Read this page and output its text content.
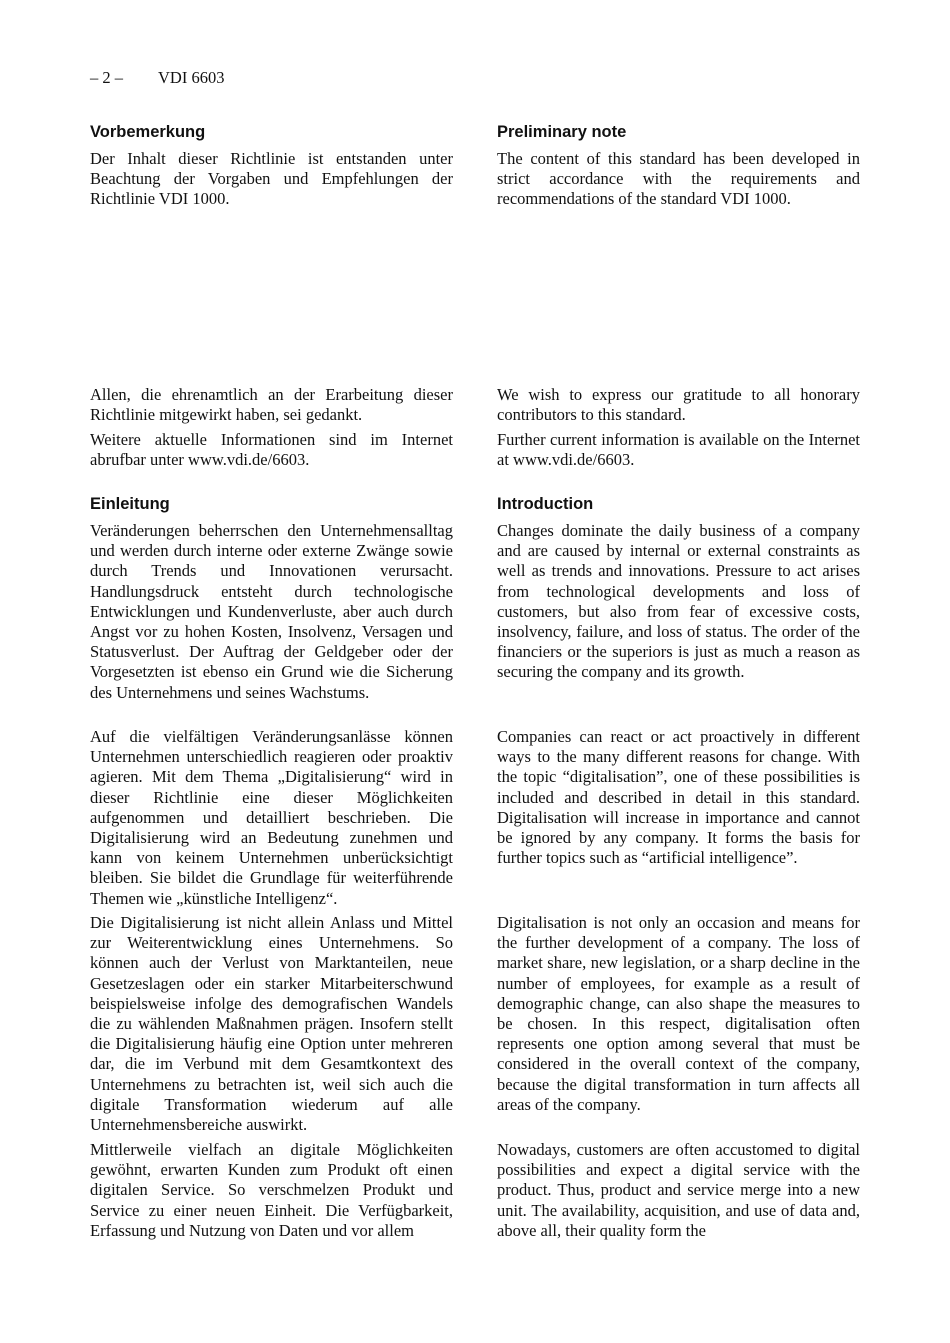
– 2 – VDI 6603
Vorbemerkung

Der Inhalt dieser Richtlinie ist entstanden unter Beachtung der Vorgaben und Empfehlungen der Richtlinie VDI 1000.

Allen, die ehrenamtlich an der Erarbeitung dieser Richtlinie mitgewirkt haben, sei gedankt.

Weitere aktuelle Informationen sind im Internet abrufbar unter www.vdi.de/6603.

Einleitung

Veränderungen beherrschen den Unternehmensalltag und werden durch interne oder externe Zwänge sowie durch Trends und Innovationen verursacht. Handlungsdruck entsteht durch technologische Entwicklungen und Kundenverluste, aber auch durch Angst vor zu hohen Kosten, Insolvenz, Versagen und Statusverlust. Der Auftrag der Geldgeber oder der Vorgesetzten ist ebenso ein Grund wie die Sicherung des Unternehmens und seines Wachstums.

Auf die vielfältigen Veränderungsanlässe können Unternehmen unterschiedlich reagieren oder proaktiv agieren. Mit dem Thema „Digitalisierung“ wird in dieser Richtlinie eine dieser Möglichkeiten aufgenommen und detailliert beschrieben. Die Digitalisierung wird an Bedeutung zunehmen und kann von keinem Unternehmen unberücksichtigt bleiben. Sie bildet die Grundlage für weiterführende Themen wie „künstliche Intelligenz“.

Die Digitalisierung ist nicht allein Anlass und Mittel zur Weiterentwicklung eines Unternehmens. So können auch der Verlust von Marktanteilen, neue Gesetzeslagen oder ein starker Mitarbeiterschwund beispielsweise infolge des demografischen Wandels die zu wählenden Maßnahmen prägen. Insofern stellt die Digitalisierung häufig eine Option unter mehreren dar, die im Verbund mit dem Gesamtkontext des Unternehmens zu betrachten ist, weil sich auch die digitale Transformation wiederum auf alle Unternehmensbereiche auswirkt.

Mittlerweile vielfach an digitale Möglichkeiten gewöhnt, erwarten Kunden zum Produkt oft einen digitalen Service. So verschmelzen Produkt und Service zu einer neuen Einheit. Die Verfügbarkeit, Erfassung und Nutzung von Daten und vor allem

Preliminary note

The content of this standard has been developed in strict accordance with the requirements and recommendations of the standard VDI 1000.

We wish to express our gratitude to all honorary contributors to this standard.

Further current information is available on the Internet at www.vdi.de/6603.

Introduction

Changes dominate the daily business of a company and are caused by internal or external constraints as well as trends and innovations. Pressure to act arises from technological developments and loss of customers, but also from fear of excessive costs, insolvency, failure, and loss of status. The order of the financiers or the superiors is just as much a reason as securing the company and its growth.

Companies can react or act proactively in different ways to the many different reasons for change. With the topic “digitalisation”, one of these possibilities is included and described in detail in this standard. Digitalisation will increase in importance and cannot be ignored by any company. It forms the basis for further topics such as “artificial intelligence”.

Digitalisation is not only an occasion and means for the further development of a company. The loss of market share, new legislation, or a sharp decline in the number of employees, for example as a result of demographic change, can also shape the measures to be chosen. In this respect, digitalisation often represents one option among several that must be considered in the overall context of the company, because the digital transformation in turn affects all areas of the company.

Nowadays, customers are often accustomed to digital possibilities and expect a digital service with the product. Thus, product and service merge into a new unit. The availability, acquisition, and use of data and, above all, their quality form the
